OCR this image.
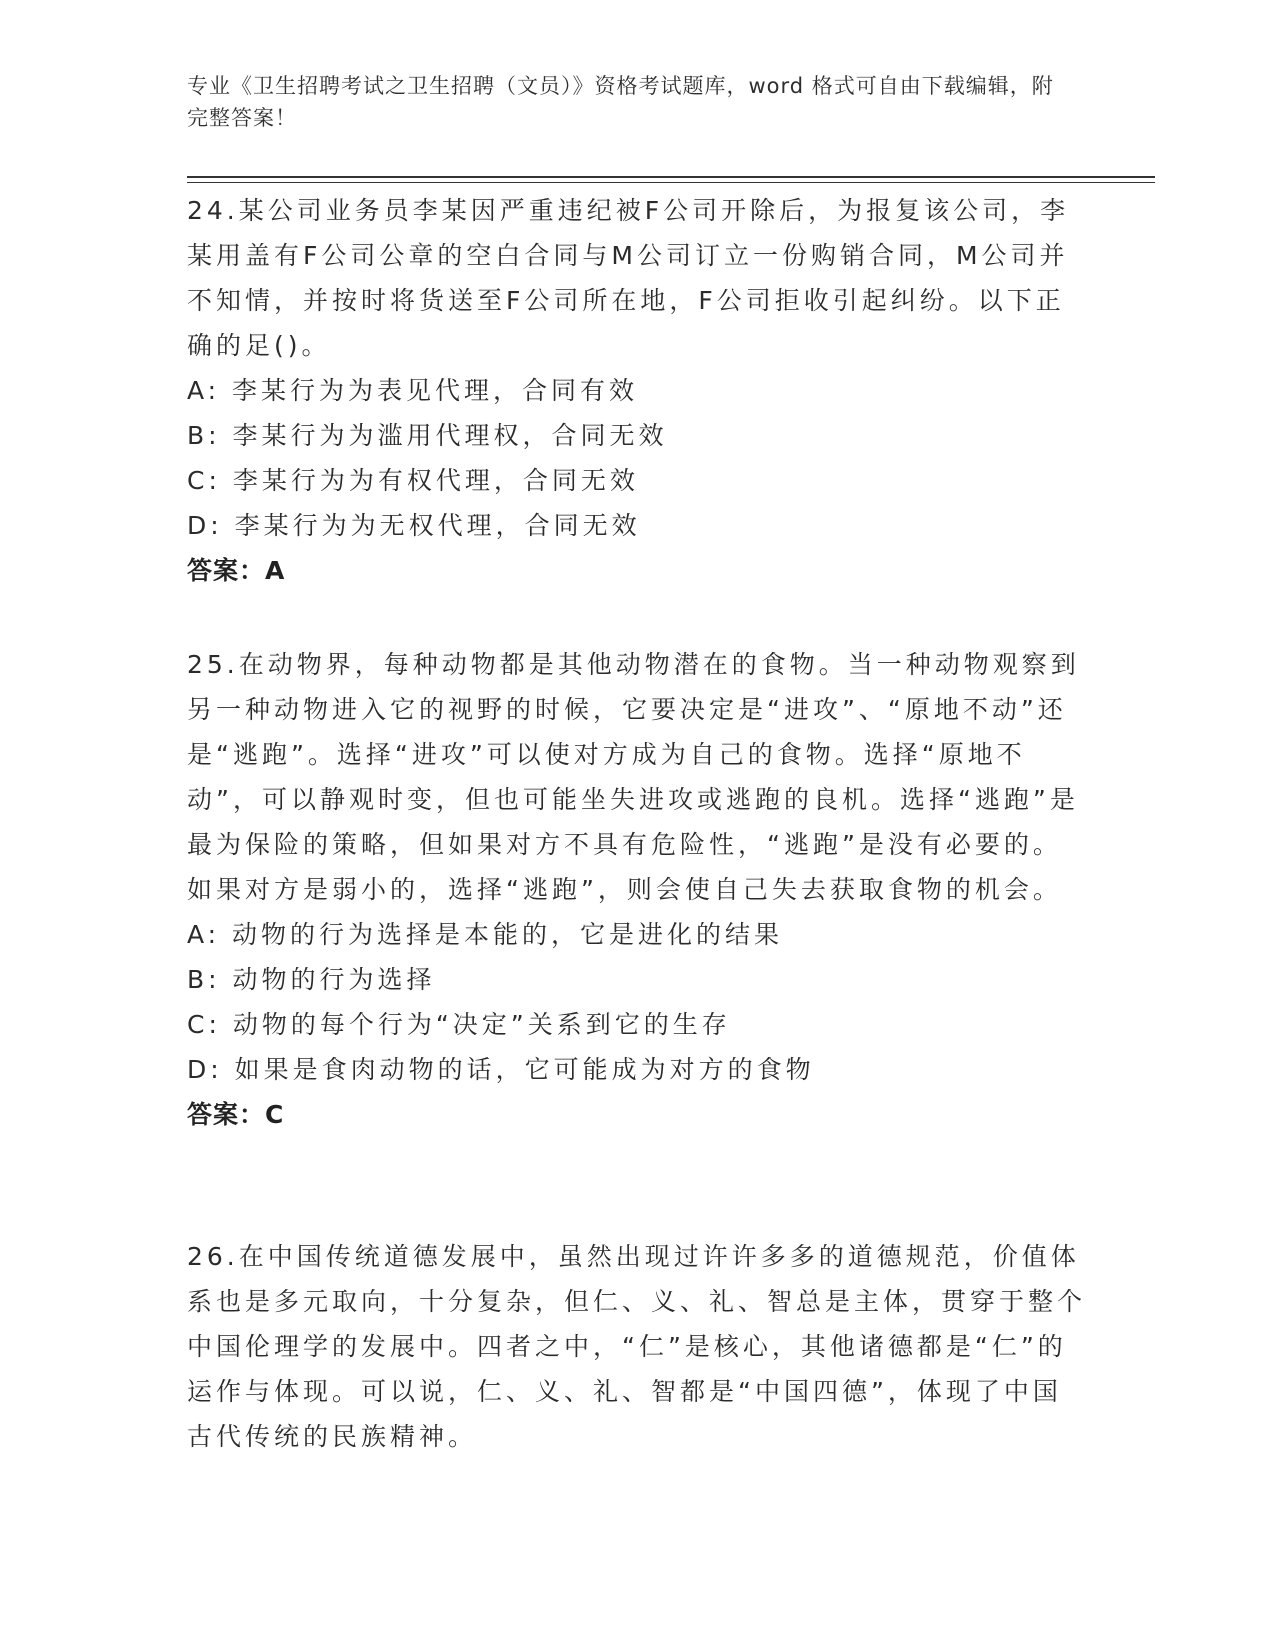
专业《卫生招聘考试之卫生招聘（文员）》资格考试题库，word 格式可自由下载编辑，附完整答案！

24.某公司业务员李某因严重违纪被F公司开除后，为报复该公司，李某用盖有F公司公章的空白合同与M公司订立一份购销合同，M公司并不知情，并按时将货送至F公司所在地，F公司拒收引起纠纷。以下正确的足()。

A: 李某行为为表见代理，合同有效
B: 李某行为为滥用代理权，合同无效
C: 李某行为为有权代理，合同无效
D: 李某行为为无权代理，合同无效
答案：A

25.在动物界，每种动物都是其他动物潜在的食物。当一种动物观察到另一种动物进入它的视野的时候，它要决定是“进攻”、“原地不动”还是“逃跑”。选择“进攻”可以使对方成为自己的食物。选择“原地不动”，可以静观时变，但也可能坐失进攻或逃跑的良机。选择“逃跑”是最为保险的策略，但如果对方不具有危险性，“逃跑”是没有必要的。如果对方是弱小的，选择“逃跑”，则会使自己失去获取食物的机会。

A: 动物的行为选择是本能的，它是进化的结果
B: 动物的行为选择
C: 动物的每个行为“决定”关系到它的生存
D: 如果是食肉动物的话，它可能成为对方的食物
答案：C

26.在中国传统道德发展中，虽然出现过许许多多的道德规范，价值体系也是多元取向，十分复杂，但仁、义、礼、智总是主体，贯穿于整个中国伦理学的发展中。四者之中，“仁”是核心，其他诸德都是“仁”的运作与体现。可以说，仁、义、礼、智都是“中国四德”，体现了中国古代传统的民族精神。
